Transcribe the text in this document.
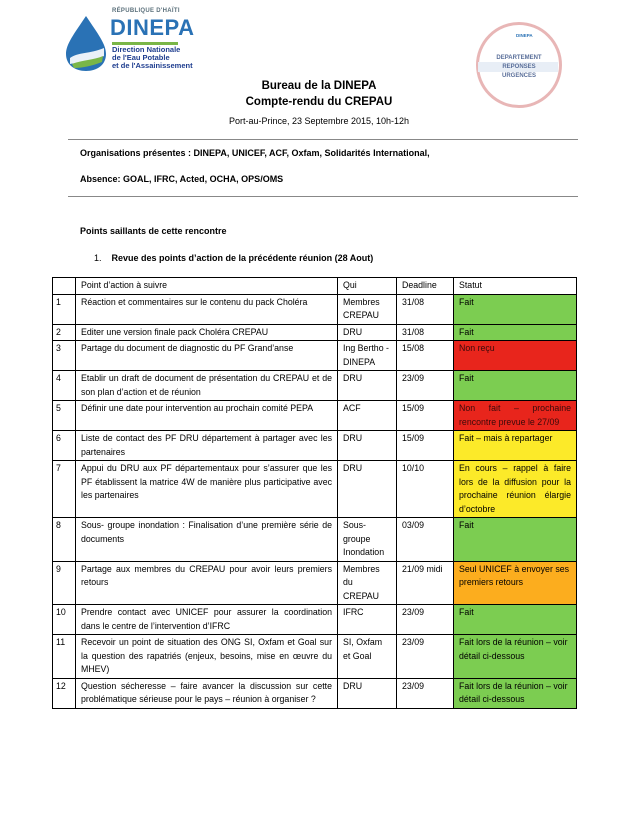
RÉPUBLIQUE D'HAÏTI
DINEPA
Direction Nationale
de l'Eau Potable
et de l'Assainissement
DINEPA
DEPARTEMENT
REPONSES
URGENCES
Bureau de la DINEPA
Compte-rendu du CREPAU
Port-au-Prince, 23 Septembre 2015, 10h-12h
Organisations présentes : DINEPA, UNICEF, ACF, Oxfam, Solidarités International,
Absence: GOAL, IFRC, Acted, OCHA, OPS/OMS
Points saillants de cette rencontre
1. Revue des points d’action de la précédente réunion (28 Aout)
	Point d’action à suivre	Qui	Deadline	Statut
1	Réaction et commentaires sur le contenu du pack Choléra	Membres CREPAU	31/08	Fait
2	Editer une version finale pack Choléra CREPAU	DRU	31/08	Fait
3	Partage du document de diagnostic du PF Grand’anse	Ing Bertho - DINEPA	15/08	Non reçu
4	Etablir un draft de document de présentation du CREPAU et de son plan d’action et de réunion	DRU	23/09	Fait
5	Définir une date pour intervention au prochain comité PEPA	ACF	15/09	Non fait – prochaine rencontre prevue le 27/09
6	Liste de contact des PF DRU département à partager avec les partenaires	DRU	15/09	Fait – mais à repartager
7	Appui du DRU aux PF départementaux pour s’assurer que les PF établissent la matrice 4W de manière plus participative avec les partenaires	DRU	10/10	En cours – rappel à faire lors de la diffusion pour la prochaine réunion élargie d’octobre
8	Sous- groupe inondation : Finalisation d’une première série de documents	Sous-groupe Inondation	03/09	Fait
9	Partage aux membres du CREPAU pour avoir leurs premiers retours	Membres du CREPAU	21/09 midi	Seul UNICEF à envoyer ses premiers retours
10	Prendre contact avec UNICEF pour assurer la coordination dans le centre de l’intervention d’IFRC	IFRC	23/09	Fait
11	Recevoir un point de situation des ONG SI, Oxfam et Goal sur la question des rapatriés (enjeux, besoins, mise en œuvre du MHEV)	SI, Oxfam et Goal	23/09	Fait lors de la réunion – voir détail ci-dessous
12	Question sécheresse – faire avancer la discussion sur cette problématique sérieuse pour le pays – réunion à organiser ?	DRU	23/09	Fait lors de la réunion – voir détail ci-dessous
